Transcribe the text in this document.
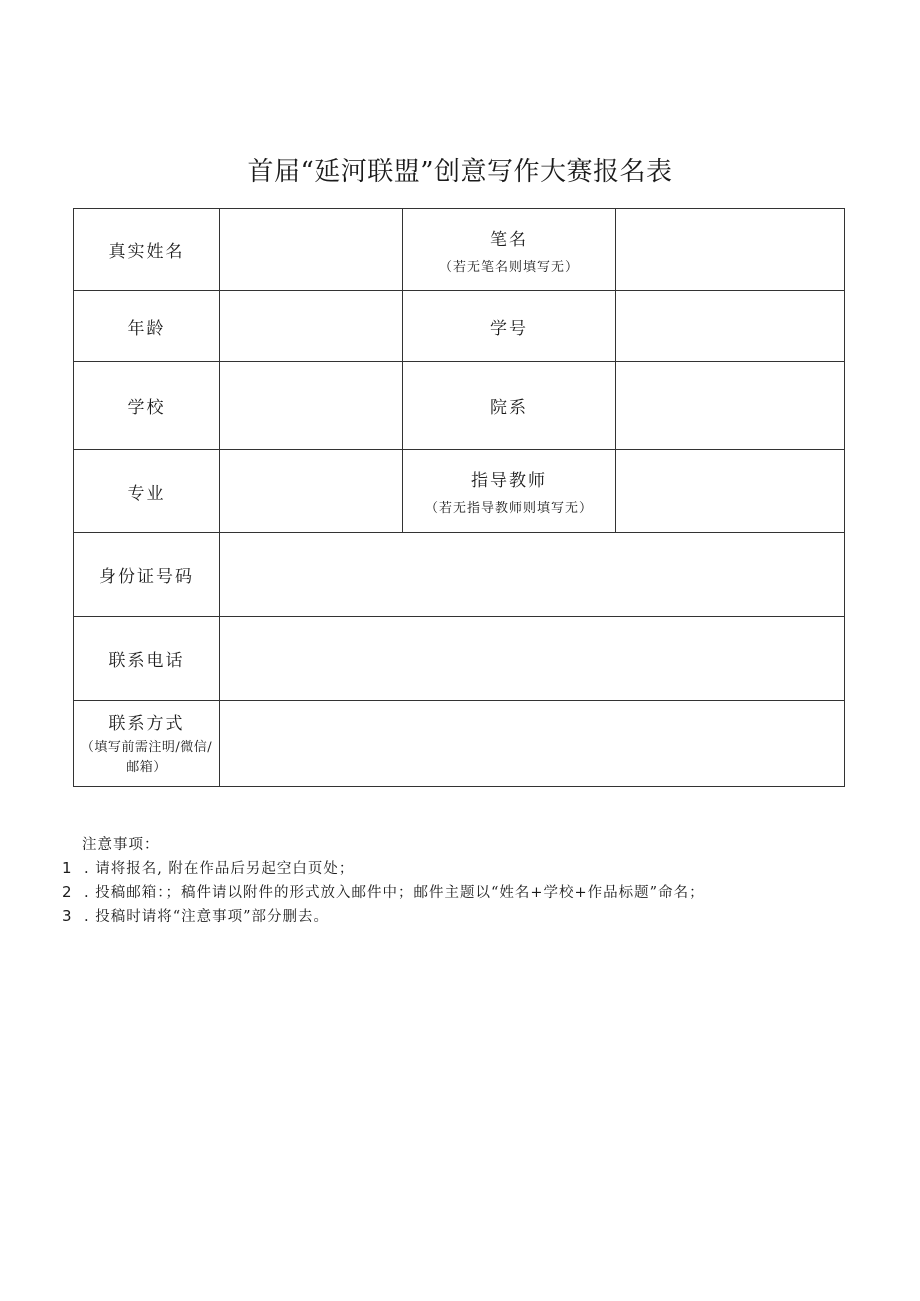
首届“延河联盟”创意写作大赛报名表
真实姓名		笔名
（若无笔名则填写无）	

年龄		学号	
学校		院系	
专业		指导教师
（若无指导教师则填写无）	

身份证号码			
联系电话			
联系方式
（填写前需注明/微信/邮箱）			

注意事项：
1 . 请将报名, 附在作品后另起空白页处；
2 . 投稿邮箱：；稿件请以附件的形式放入邮件中；邮件主题以“姓名+学校+作品标题”命名；
3 . 投稿时请将“注意事项”部分删去。
